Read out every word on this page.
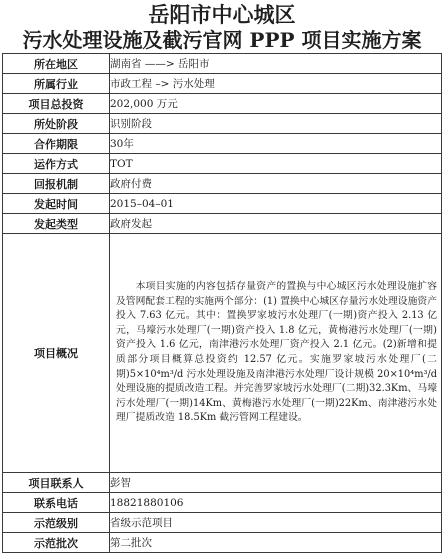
岳阳市中心城区
污水处理设施及截污官网 PPP 项目实施方案
所在地区	湖南省 ——> 岳阳市
所属行业	市政工程 –> 污水处理
项目总投资	202,000 万元
所处阶段	识别阶段
合作期限	30年
运作方式	TOT
回报机制	政府付费
发起时间	2015–04–01
发起类型	政府发起
项目概况	本项目实施的内容包括存量资产的置换与中心城区污水处理设施扩容及管网配套工程的实施两个部分：(1) 置换中心城区存量污水处理设施资产投入 7.63 亿元。其中：置换罗家坡污水处理厂(一期)资产投入 2.13 亿元，马壕污水处理厂(一期)资产投入 1.8 亿元，黄梅港污水处理厂(一期)资产投入 1.6 亿元，南津港污水处理厂资产投入 2.1 亿元。(2)新增和提质部分项目概算总投资约 12.57 亿元。实施罗家坡污水处理厂(二期)5×10⁴m³/d 污水处理设施及南津港污水处理厂设计规模 20×10⁴m³/d 处理设施的提质改造工程。并完善罗家坡污水处理厂(二期)32.3Km、马壕污水处理厂(一期)14Km、黄梅港污水处理厂(一期)22Km、南津港污水处理厂提质改造 18.5Km 截污管网工程建设。
项目联系人	彭智
联系电话	18821880106
示范级别	省级示范项目
示范批次	第二批次
